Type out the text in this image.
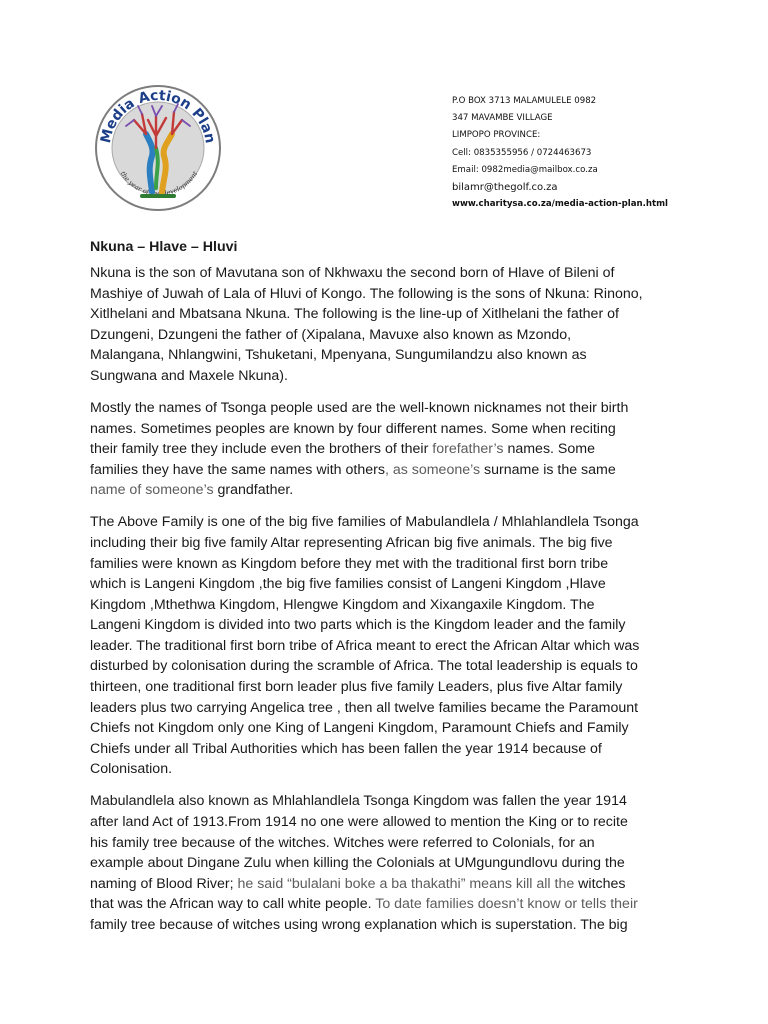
Media Action Plan
the year of the development
P.O BOX 3713 MALAMULELE 0982
347 MAVAMBE VILLAGE
LIMPOPO PROVINCE:
Cell: 0835355956 / 0724463673
Email: 0982media@mailbox.co.za
bilamr@thegolf.co.za
www.charitysa.co.za/media-action-plan.html
Nkuna – Hlave – Hluvi

Nkuna is the son of Mavutana son of Nkhwaxu the second born of Hlave of Bileni of
Mashiye of Juwah of Lala of Hluvi of Kongo. The following is the sons of Nkuna: Rinono,
Xitlhelani and Mbatsana Nkuna. The following is the line-up of Xitlhelani the father of
Dzungeni, Dzungeni the father of (Xipalana, Mavuxe also known as Mzondo,
Malangana, Nhlangwini, Tshuketani, Mpenyana, Sungumilandzu also known as
Sungwana and Maxele Nkuna).

Mostly the names of Tsonga people used are the well-known nicknames not their birth
names. Sometimes peoples are known by four different names. Some when reciting
their family tree they include even the brothers of their forefather’s names. Some
families they have the same names with others, as someone’s surname is the same
name of someone’s grandfather.

The Above Family is one of the big five families of Mabulandlela / Mhlahlandlela Tsonga
including their big five family Altar representing African big five animals. The big five
families were known as Kingdom before they met with the traditional first born tribe
which is Langeni Kingdom ,the big five families consist of Langeni Kingdom ,Hlave
Kingdom ,Mthethwa Kingdom, Hlengwe Kingdom and Xixangaxile Kingdom. The
Langeni Kingdom is divided into two parts which is the Kingdom leader and the family
leader. The traditional first born tribe of Africa meant to erect the African Altar which was
disturbed by colonisation during the scramble of Africa. The total leadership is equals to
thirteen, one traditional first born leader plus five family Leaders, plus five Altar family
leaders plus two carrying Angelica tree , then all twelve families became the Paramount
Chiefs not Kingdom only one King of Langeni Kingdom, Paramount Chiefs and Family
Chiefs under all Tribal Authorities which has been fallen the year 1914 because of
Colonisation.

Mabulandlela also known as Mhlahlandlela Tsonga Kingdom was fallen the year 1914
after land Act of 1913.From 1914 no one were allowed to mention the King or to recite
his family tree because of the witches. Witches were referred to Colonials, for an
example about Dingane Zulu when killing the Colonials at UMgungundlovu during the
naming of Blood River; he said “bulalani boke a ba thakathi” means kill all the witches
that was the African way to call white people. To date families doesn’t know or tells their
family tree because of witches using wrong explanation which is superstation. The big
